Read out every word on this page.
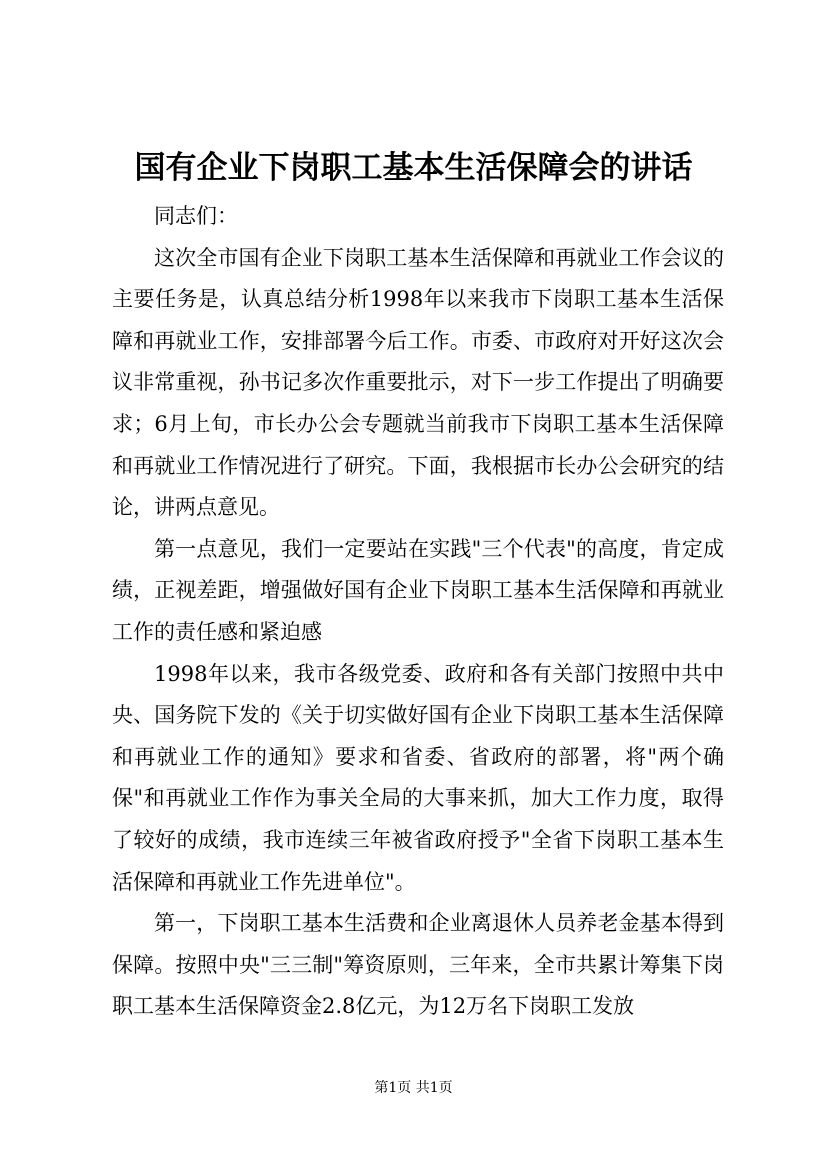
国有企业下岗职工基本生活保障会的讲话

同志们：

这次全市国有企业下岗职工基本生活保障和再就业工作会议的主要任务是，认真总结分析1998年以来我市下岗职工基本生活保障和再就业工作，安排部署今后工作。市委、市政府对开好这次会议非常重视，孙书记多次作重要批示，对下一步工作提出了明确要求；6月上旬，市长办公会专题就当前我市下岗职工基本生活保障和再就业工作情况进行了研究。下面，我根据市长办公会研究的结论，讲两点意见。

第一点意见，我们一定要站在实践"三个代表"的高度，肯定成绩，正视差距，增强做好国有企业下岗职工基本生活保障和再就业工作的责任感和紧迫感

1998年以来，我市各级党委、政府和各有关部门按照中共中央、国务院下发的《关于切实做好国有企业下岗职工基本生活保障和再就业工作的通知》要求和省委、省政府的部署，将"两个确保"和再就业工作作为事关全局的大事来抓，加大工作力度，取得了较好的成绩，我市连续三年被省政府授予"全省下岗职工基本生活保障和再就业工作先进单位"。

第一，下岗职工基本生活费和企业离退休人员养老金基本得到保障。按照中央"三三制"筹资原则，三年来，全市共累计筹集下岗职工基本生活保障资金2.8亿元，为12万名下岗职工发放

第1页 共1页
